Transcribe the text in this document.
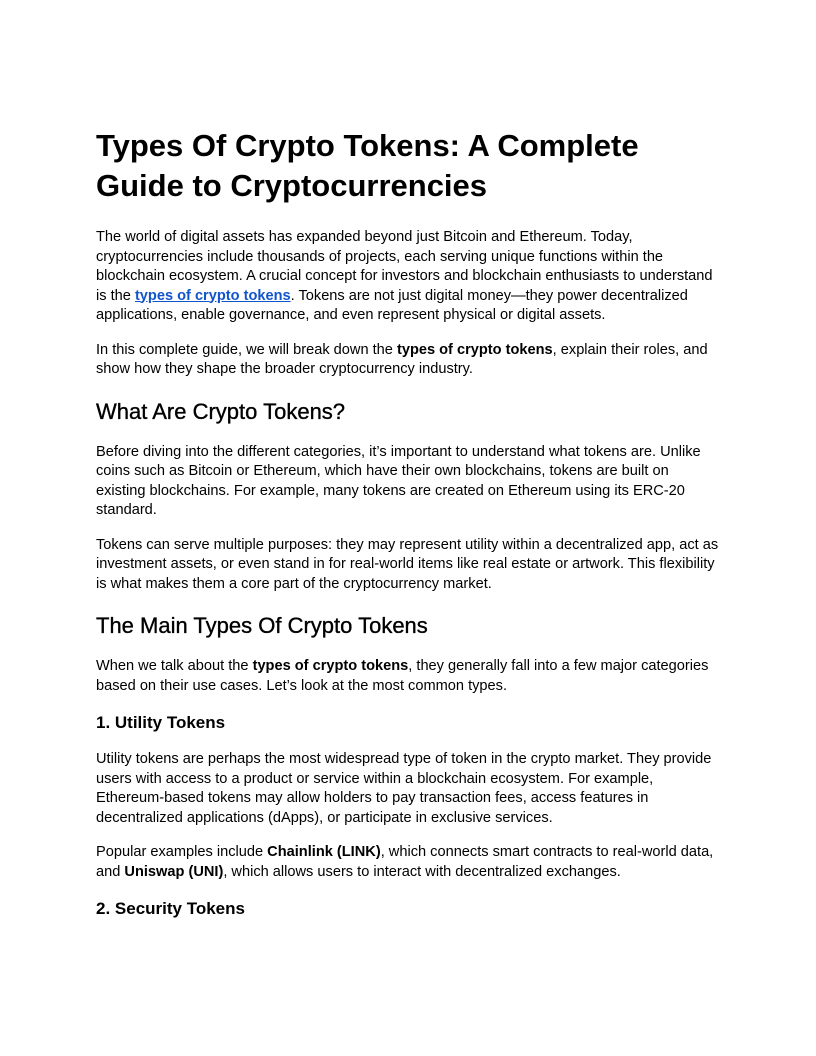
Types Of Crypto Tokens: A Complete
Guide to Cryptocurrencies

The world of digital assets has expanded beyond just Bitcoin and Ethereum. Today, cryptocurrencies include thousands of projects, each serving unique functions within the blockchain ecosystem. A crucial concept for investors and blockchain enthusiasts to understand is the types of crypto tokens. Tokens are not just digital money—they power decentralized applications, enable governance, and even represent physical or digital assets.

In this complete guide, we will break down the types of crypto tokens, explain their roles, and show how they shape the broader cryptocurrency industry.

What Are Crypto Tokens?

Before diving into the different categories, it’s important to understand what tokens are. Unlike coins such as Bitcoin or Ethereum, which have their own blockchains, tokens are built on existing blockchains. For example, many tokens are created on Ethereum using its ERC-20 standard.

Tokens can serve multiple purposes: they may represent utility within a decentralized app, act as investment assets, or even stand in for real-world items like real estate or artwork. This flexibility is what makes them a core part of the cryptocurrency market.

The Main Types Of Crypto Tokens

When we talk about the types of crypto tokens, they generally fall into a few major categories based on their use cases. Let’s look at the most common types.

1. Utility Tokens

Utility tokens are perhaps the most widespread type of token in the crypto market. They provide users with access to a product or service within a blockchain ecosystem. For example, Ethereum-based tokens may allow holders to pay transaction fees, access features in decentralized applications (dApps), or participate in exclusive services.

Popular examples include Chainlink (LINK), which connects smart contracts to real-world data, and Uniswap (UNI), which allows users to interact with decentralized exchanges.

2. Security Tokens
